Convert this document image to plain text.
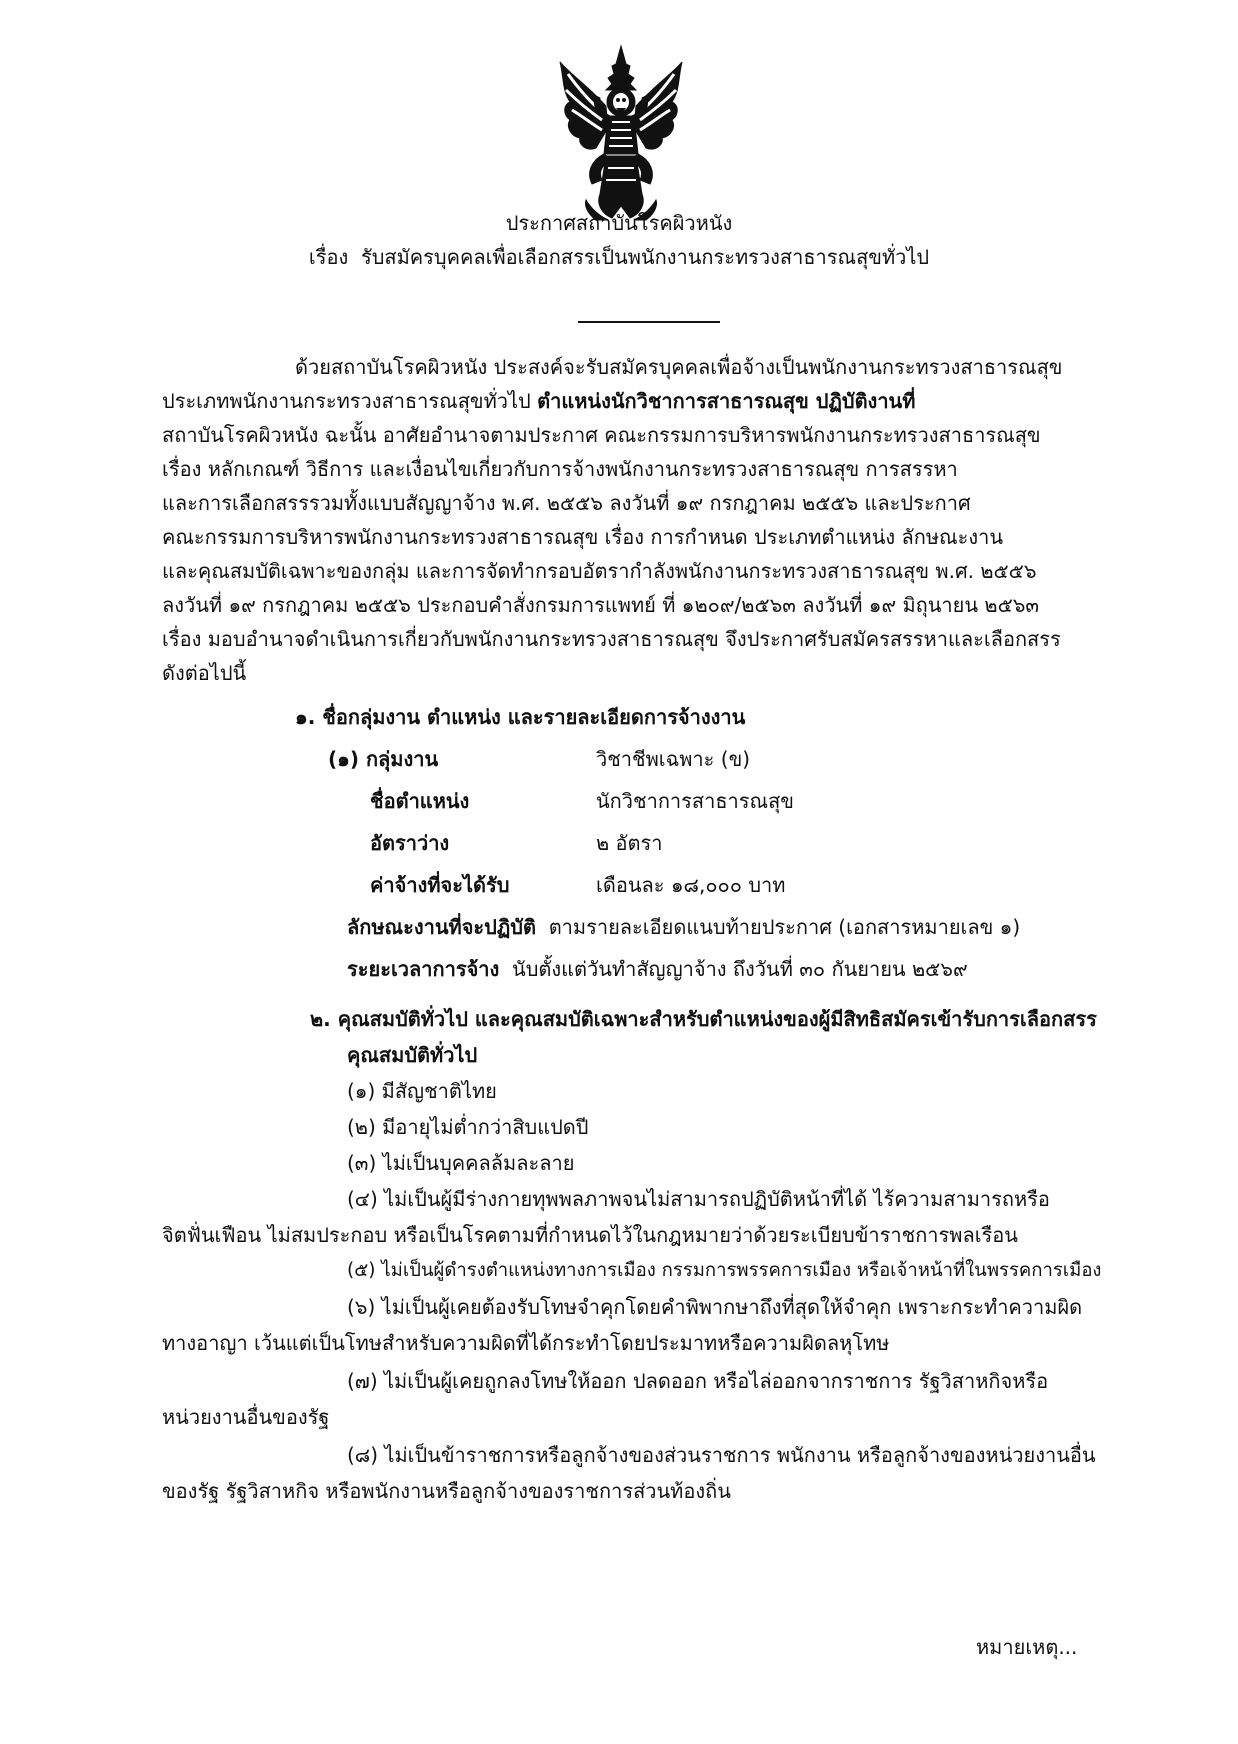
ประกาศสถาบันโรคผิวหนัง
เรื่อง รับสมัครบุคคลเพื่อเลือกสรรเป็นพนักงานกระทรวงสาธารณสุขทั่วไป
ด้วยสถาบันโรคผิวหนัง ประสงค์จะรับสมัครบุคคลเพื่อจ้างเป็นพนักงานกระทรวงสาธารณสุข
ประเภทพนักงานกระทรวงสาธารณสุขทั่วไป ตำแหน่งนักวิชาการสาธารณสุข ปฏิบัติงานที่
สถาบันโรคผิวหนัง ฉะนั้น อาศัยอำนาจตามประกาศ คณะกรรมการบริหารพนักงานกระทรวงสาธารณสุข
เรื่อง หลักเกณฑ์ วิธีการ และเงื่อนไขเกี่ยวกับการจ้างพนักงานกระทรวงสาธารณสุข การสรรหา
และการเลือกสรรรวมทั้งแบบสัญญาจ้าง พ.ศ. ๒๕๕๖ ลงวันที่ ๑๙ กรกฎาคม ๒๕๕๖ และประกาศ
คณะกรรมการบริหารพนักงานกระทรวงสาธารณสุข เรื่อง การกำหนด ประเภทตำแหน่ง ลักษณะงาน
และคุณสมบัติเฉพาะของกลุ่ม และการจัดทำกรอบอัตรากำลังพนักงานกระทรวงสาธารณสุข พ.ศ. ๒๕๕๖
ลงวันที่ ๑๙ กรกฎาคม ๒๕๕๖ ประกอบคำสั่งกรมการแพทย์ ที่ ๑๒๐๙/๒๕๖๓ ลงวันที่ ๑๙ มิถุนายน ๒๕๖๓
เรื่อง มอบอำนาจดำเนินการเกี่ยวกับพนักงานกระทรวงสาธารณสุข จึงประกาศรับสมัครสรรหาและเลือกสรร
ดังต่อไปนี้
๑. ชื่อกลุ่มงาน ตำแหน่ง และรายละเอียดการจ้างงาน
(๑) กลุ่มงาน	วิชาชีพเฉพาะ (ข)
ชื่อตำแหน่ง	นักวิชาการสาธารณสุข
อัตราว่าง	๒ อัตรา
ค่าจ้างที่จะได้รับ	เดือนละ ๑๘,๐๐๐ บาท
ลักษณะงานที่จะปฏิบัติ ตามรายละเอียดแนบท้ายประกาศ (เอกสารหมายเลข ๑)
ระยะเวลาการจ้าง นับตั้งแต่วันทำสัญญาจ้าง ถึงวันที่ ๓๐ กันยายน ๒๕๖๙
๒. คุณสมบัติทั่วไป และคุณสมบัติเฉพาะสำหรับตำแหน่งของผู้มีสิทธิสมัครเข้ารับการเลือกสรร
คุณสมบัติทั่วไป
(๑) มีสัญชาติไทย
(๒) มีอายุไม่ต่ำกว่าสิบแปดปี
(๓) ไม่เป็นบุคคลล้มละลาย
(๔) ไม่เป็นผู้มีร่างกายทุพพลภาพจนไม่สามารถปฏิบัติหน้าที่ได้ ไร้ความสามารถหรือ
จิตฟั่นเฟือน ไม่สมประกอบ หรือเป็นโรคตามที่กำหนดไว้ในกฎหมายว่าด้วยระเบียบข้าราชการพลเรือน
(๕) ไม่เป็นผู้ดำรงตำแหน่งทางการเมือง กรรมการพรรคการเมือง หรือเจ้าหน้าที่ในพรรคการเมือง
(๖) ไม่เป็นผู้เคยต้องรับโทษจำคุกโดยคำพิพากษาถึงที่สุดให้จำคุก เพราะกระทำความผิด
ทางอาญา เว้นแต่เป็นโทษสำหรับความผิดที่ได้กระทำโดยประมาทหรือความผิดลหุโทษ
(๗) ไม่เป็นผู้เคยถูกลงโทษให้ออก ปลดออก หรือไล่ออกจากราชการ รัฐวิสาหกิจหรือ
หน่วยงานอื่นของรัฐ
(๘) ไม่เป็นข้าราชการหรือลูกจ้างของส่วนราชการ พนักงาน หรือลูกจ้างของหน่วยงานอื่น
ของรัฐ รัฐวิสาหกิจ หรือพนักงานหรือลูกจ้างของราชการส่วนท้องถิ่น
หมายเหตุ...
